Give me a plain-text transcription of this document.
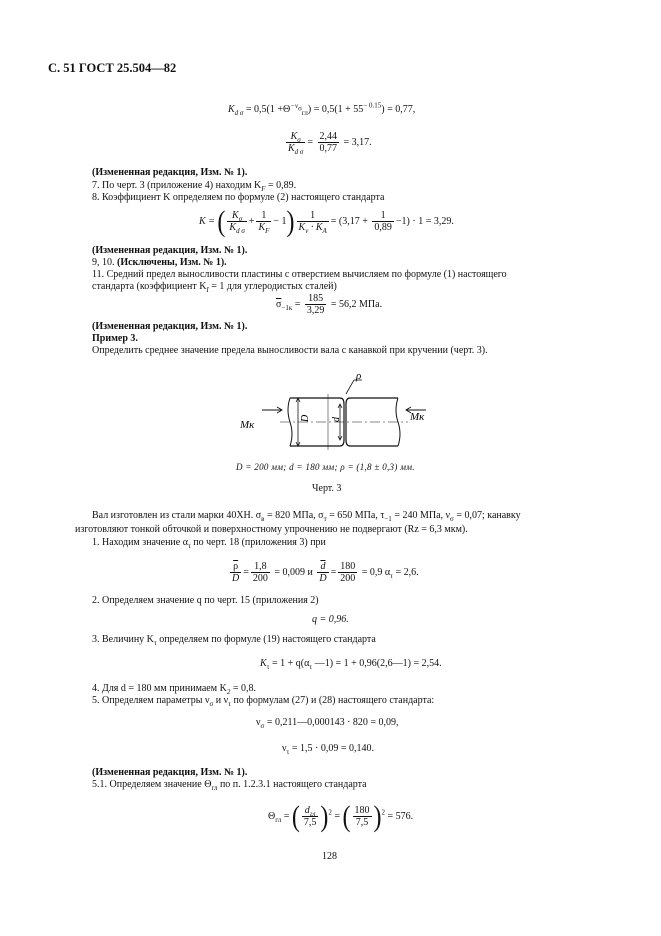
С. 51 ГОСТ 25.504—82
$K_{d \sigma} = 0,5(1 +\Theta^{-\nu_\sigma}_{гл}) = 0,5(1 + 55^{- 0.15}) = 0,77$,
$\frac{K_\sigma}{K_{d \sigma}} = \frac{2,44}{0,77} = 3,17$.
(Измененная редакция, Изм. № 1).
7. По черт. 3 (приложение 4) находим $K_F = 0,89$.
8. Коэффициент K определяем по формуле (2) настоящего стандарта
K = ( $\frac{K_\sigma}{K_{d \sigma}} + \frac{1}{K_F} - 1) \frac{1}{K_v \cdot K_A} = (3,17 + \frac{1}{0,89} -1) \cdot 1 = 3,29$.
(Измененная редакция, Изм. № 1).
9, 10. (Исключены, Изм. № 1).
11. Средний предел выносливости пластины с отверстием вычисляем по формуле (1) настоящего
стандарта (коэффициент $K_I = 1$ для углеродистых сталей)
$\overline{\sigma}_{-1к} = \frac{185}{3,29} = 56,2$ МПа.
(Измененная редакция, Изм. № 1).
Пример 3.
Определить среднее значение предела выносливости вала с канавкой при кручении (черт. 3).
ρ
D d
Mк
Mк
D = 200 мм; d = 180 мм; ρ = (1,8 ± 0,3) мм.
Черт. 3
Вал изготовлен из стали марки 40ХН. $\sigma_в = 820$ МПа, $\sigma_т = 650$ МПа, $\tau_{-1} = 240$ МПа, $\nu_\sigma = 0,07$; канавку
изготовляют тонкой обточкой и поверхностному упрочнению не подвергают (Rz = 6,3 мкм).
1. Находим значение $\alpha_\tau$ по черт. 18 (приложения 3) при
$\frac{\overline{\rho}}{D} = \frac{1,8}{200} = 0,009$ и $\frac{\overline{d}}{D} = \frac{180}{200} = 0,9$ $\alpha_\tau = 2,6$.
2. Определяем значение q по черт. 15 (приложения 2)
q = 0,96.
3. Величину $K_\tau$ определяем по формуле (19) настоящего стандарта
$K_\tau = 1 + q(\alpha_\tau$ —1) = 1 + 0,96(2,6—1) = 2,54.
4. Для d = 180 мм принимаем $K_2 = 0,8$.
5. Определяем параметры $\nu_\sigma$ и $\nu_\tau$ по формулам (27) и (28) настоящего стандарта:
$\nu_\sigma$ = 0,211—0,000143 · 820 = 0,09,
$\nu_\tau = 1,5 \cdot 0,09 = 0,140$.
(Измененная редакция, Изм. № 1).
5.1. Определяем значение $\Theta_{гл}$ по п. 1.2.3.1 настоящего стандарта
$\Theta_{гл}$ = ( $\frac{d_{гл}}{7,5} )^2$ = ( $\frac{180}{7,5} )^2 = 576$.
128
